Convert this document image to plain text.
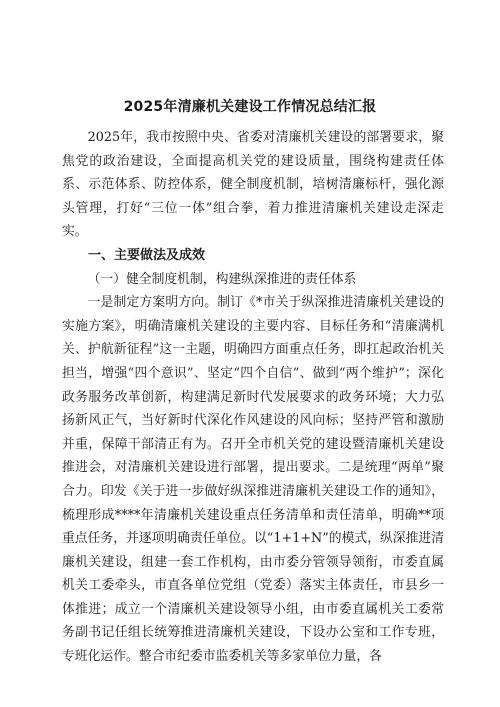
2025年清廉机关建设工作情况总结汇报

2025年，我市按照中央、省委对清廉机关建设的部署要求，聚焦党的政治建设，全面提高机关党的建设质量，围绕构建责任体系、示范体系、防控体系，健全制度机制，培树清廉标杆，强化源头管理，打好“三位一体”组合拳，着力推进清廉机关建设走深走实。

一、主要做法及成效
（一）健全制度机制，构建纵深推进的责任体系

一是制定方案明方向。制订《*市关于纵深推进清廉机关建设的实施方案》，明确清廉机关建设的主要内容、目标任务和“清廉满机关、护航新征程”这一主题，明确四方面重点任务，即扛起政治机关担当，增强“四个意识”、坚定“四个自信”、做到“两个维护”；深化政务服务改革创新，构建满足新时代发展要求的政务环境；大力弘扬新风正气，当好新时代深化作风建设的风向标；坚持严管和激励并重，保障干部清正有为。召开全市机关党的建设暨清廉机关建设推进会，对清廉机关建设进行部署，提出要求。二是统理“两单”聚合力。印发《关于进一步做好纵深推进清廉机关建设工作的通知》，梳理形成****年清廉机关建设重点任务清单和责任清单，明确**项重点任务，并逐项明确责任单位。以“1+1+N”的模式，纵深推进清廉机关建设，组建一套工作机构，由市委分管领导领衔，市委直属机关工委牵头，市直各单位党组（党委）落实主体责任，市县乡一体推进；成立一个清廉机关建设领导小组，由市委直属机关工委常务副书记任组长统筹推进清廉机关建设，下设办公室和工作专班，专班化运作。整合市纪委市监委机关等多家单位力量，各
